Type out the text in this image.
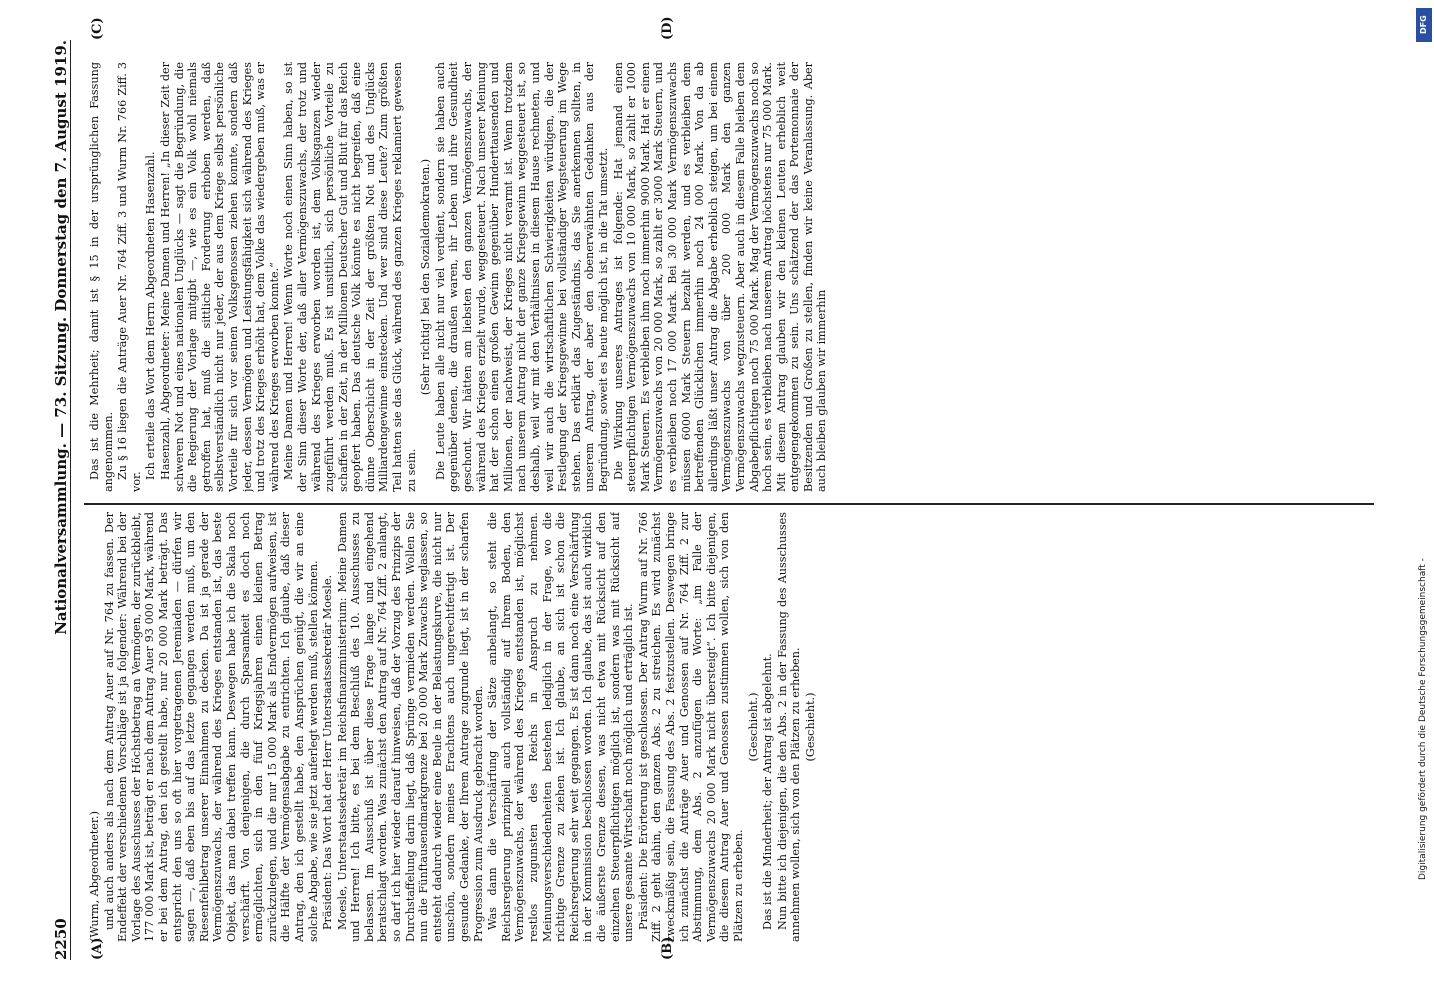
2250
Nationalversammlung. — 73. Sitzung. Donnerstag den 7. August 1919.
(A)	(B)
(C)	(D)

(Wurm, Abgeordneter.) und auch anders als nach dem Antrag Auer auf Nr. 764 zu fassen. Der Endeffekt der verschiedenen Vorschläge ist ja folgender: Während bei der Vorlage des Ausschusses der Höchstbetrag an Vermögen, der zurückbleibt, 177 000 Mark ist, beträgt er nach dem Antrag Auer 93 000 Mark, während er bei dem Antrag, den ich gestellt habe, nur 20 000 Mark beträgt. Das entspricht den uns so oft hier vorgetragenen Jeremiaden — dürfen wir sagen —, daß eben bis auf das letzte gegangen werden muß, um den Riesenfehlbetrag unserer Einnahmen zu decken. Da ist ja gerade der Vermögenszuwachs, der während des Krieges entstanden ist, das beste Objekt, das man dabei treffen kann. Deswegen habe ich die Skala noch verschärft. Von denjenigen, die durch Sparsamkeit es doch noch ermöglichten, sich in den fünf Kriegsjahren einen kleinen Betrag zurückzulegen, und die nur 15 000 Mark als Endvermögen aufweisen, ist die Hälfte der Vermögensabgabe zu entrichten. Ich glaube, daß dieser Antrag, den ich gestellt habe, den Ansprüchen genügt, die wir an eine solche Abgabe, wie sie jetzt auferlegt werden muß, stellen können. Präsident: Das Wort hat der Herr Unterstaatssekretär Moesle. Moesle, Unterstaatssekretär im Reichsfinanzministerium: Meine Damen und Herren! Ich bitte, es bei dem Beschluß des 10. Ausschusses zu belassen. Im Ausschuß ist über diese Frage lange und eingehend beratschlagt worden. Was zunächst den Antrag auf Nr. 764 Ziff. 2 anlangt, so darf ich hier wieder darauf hinweisen, daß der Vorzug des Prinzips der Durchstaffelung darin liegt, daß Sprünge vermieden werden. Wollen Sie nun die Fünftausendmarkgrenze bei 20 000 Mark Zuwachs weglassen, so entsteht dadurch wieder eine Beule in der Belastungskurve, die nicht nur unschön, sondern meines Erachtens auch ungerechtfertigt ist. Der gesunde Gedanke, der Ihrem Antrage zugrunde liegt, ist in der scharfen Progression zum Ausdruck gebracht worden. Was dann die Verschärfung der Sätze anbelangt, so steht die Reichsregierung prinzipiell auch vollständig auf Ihrem Boden, den Vermögenszuwachs, der während des Krieges entstanden ist, möglichst restlos zugunsten des Reichs in Anspruch zu nehmen. Meinungsverschiedenheiten bestehen lediglich in der Frage, wo die richtige Grenze zu ziehen ist. Ich glaube, an sich ist schon die Reichsregierung sehr weit gegangen. Es ist dann noch eine Verschärfung in der Kommission beschlossen worden. Ich glaube, das ist auch wirklich die äußerste Grenze dessen, was nicht etwa mit Rücksicht auf den einzelnen Steuerpflichtigen möglich ist, sondern was mit Rücksicht auf unsere gesamte Wirtschaft noch möglich und erträglich ist. Präsident: Die Erörterung ist geschlossen. Der Antrag Wurm auf Nr. 766 Ziff. 2 geht dahin, den ganzen Abs. 2 zu streichen. Es wird zunächst zweckmäßig sein, die Fassung des Abs. 2 festzustellen. Deswegen bringe ich zunächst die Anträge Auer und Genossen auf Nr. 764 Ziff. 2 zur Abstimmung, dem Abs. 2 anzufügen die Worte: „im Falle der Vermögenszuwachs 20 000 Mark nicht übersteigt“. Ich bitte diejenigen, die diesem Antrag Auer und Genossen zustimmen wollen, sich von den Plätzen zu erheben.

(Geschieht.) Das ist die Minderheit; der Antrag ist abgelehnt. Nun bitte ich diejenigen, die den Abs. 2 in der Fassung des Ausschusses annehmen wollen, sich von den Plätzen zu erheben. (Geschieht.)

Das ist die Mehrheit; damit ist § 15 in der ursprünglichen Fassung angenommen. Zu § 16 liegen die Anträge Auer Nr. 764 Ziff. 3 und Wurm Nr. 766 Ziff. 3 vor.

Ich erteile das Wort dem Herrn Abgeordneten Hasenzahl. Hasenzahl, Abgeordneter: Meine Damen und Herren! „In dieser Zeit der schweren Not und eines nationalen Unglücks — sagt die Begründung, die die Regierung der Vorlage mitgibt —, wie es ein Volk wohl niemals getroffen hat, muß die sittliche Forderung erhoben werden, daß selbstverständlich nicht nur jeder, der aus dem Kriege selbst persönliche Vorteile für sich vor seinen Volksgenossen ziehen konnte, sondern daß jeder, dessen Vermögen und Leistungsfähigkeit sich während des Krieges und trotz des Krieges erhöht hat, dem Volke das wiedergeben muß, was er während des Krieges erworben konnte.“ Meine Damen und Herren! Wenn Worte noch einen Sinn haben, so ist der Sinn dieser Worte der, daß aller Vermögenszuwachs, der trotz und während des Krieges erworben worden ist, dem Volksganzen wieder zugeführt werden muß. Es ist unsittlich, sich persönliche Vorteile zu schaffen in der Zeit, in der Millionen Deutscher Gut und Blut für das Reich geopfert haben. Das deutsche Volk könnte es nicht begreifen, daß eine dünne Oberschicht in der Zeit der größten Not und des Unglücks Milliardengewinne einstecken. Und wer sind diese Leute? Zum größten Teil hatten sie das Glück, während des ganzen Krieges reklamiert gewesen zu sein.

(Sehr richtig! bei den Sozialdemokraten.) Die Leute haben alle nicht nur viel verdient, sondern sie haben auch gegenüber denen, die draußen waren, ihr Leben und ihre Gesundheit geschont. Wir hätten am liebsten den ganzen Vermögenszuwachs, der während des Krieges erzielt wurde, weggesteuert. Nach unserer Meinung hat der schon einen großen Gewinn gegenüber Hunderttausenden und Millionen, der nachweist, der Krieges nicht verarmt ist. Wenn trotzdem nach unserem Antrag nicht der ganze Kriegsgewinn weggesteuert ist, so deshalb, weil wir mit den Verhältnissen in diesem Hause rechneten, und weil wir auch die wirtschaftlichen Schwierigkeiten würdigen, die der Festlegung der Kriegsgewinne bei vollständiger Wegsteuerung im Wege stehen. Das erklärt das Zugeständnis, das Sie anerkennen sollten, in unserem Antrag, der aber den obenerwähnten Gedanken aus der Begründung, soweit es heute möglich ist, in die Tat umsetzt. Die Wirkung unseres Antrages ist folgende: Hat jemand einen steuerpflichtigen Vermögenszuwachs von 10 000 Mark, so zahlt er 1000 Mark Steuern. Es verbleiben ihm noch immerhin 9000 Mark. Hat er einen Vermögenszuwachs von 20 000 Mark, so zahlt er 3000 Mark Steuern, und es verbleiben noch 17 000 Mark. Bei 30 000 Mark Vermögenszuwachs müssen 6000 Mark Steuern bezahlt werden, und es verbleiben dem betreffenden Glücklichen immerhin noch 24 000 Mark. Von da ab allerdings läßt unser Antrag die Abgabe erheblich steigen, um bei einem Vermögenszuwachs von über 200 000 Mark den ganzen Vermögenszuwachs wegzusteuern. Aber auch in diesem Falle bleiben dem Abgabepflichtigen noch 75 000 Mark. Mag der Vermögenszuwachs noch so hoch sein, es verbleiben nach unserem Antrag höchstens nur 75 000 Mark. Mit diesem Antrag glauben wir den kleinen Leuten erheblich weit entgegengekommen zu sein. Uns schätzend der das Portemonnaie der Besitzenden und Großen zu stellen, finden wir keine Veranlassung. Aber auch bleiben glauben wir immerhin

Digitalisierung gefördert durch die Deutsche Forschungsgemeinschaft -
DFG
